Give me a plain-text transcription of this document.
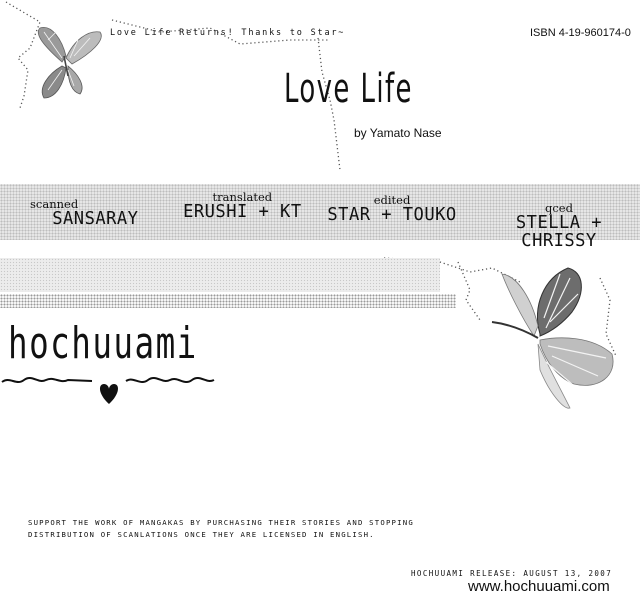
Love Life Returns! Thanks to Star~	ISBN 4-19-960174-0
Love Life
by Yamato Nase
scanned
SANSARAY
translated
ERUSHI + KT
edited
STAR + TOUKO	qced
STELLA + CHRISSY
hochuuami
SUPPORT THE WORK OF MANGAKAS BY PURCHASING THEIR STORIES AND STOPPING DISTRIBUTION OF SCANLATIONS ONCE THEY ARE LICENSED IN ENGLISH.
HOCHUUAMI RELEASE: AUGUST 13, 2007
www.hochuuami.com
